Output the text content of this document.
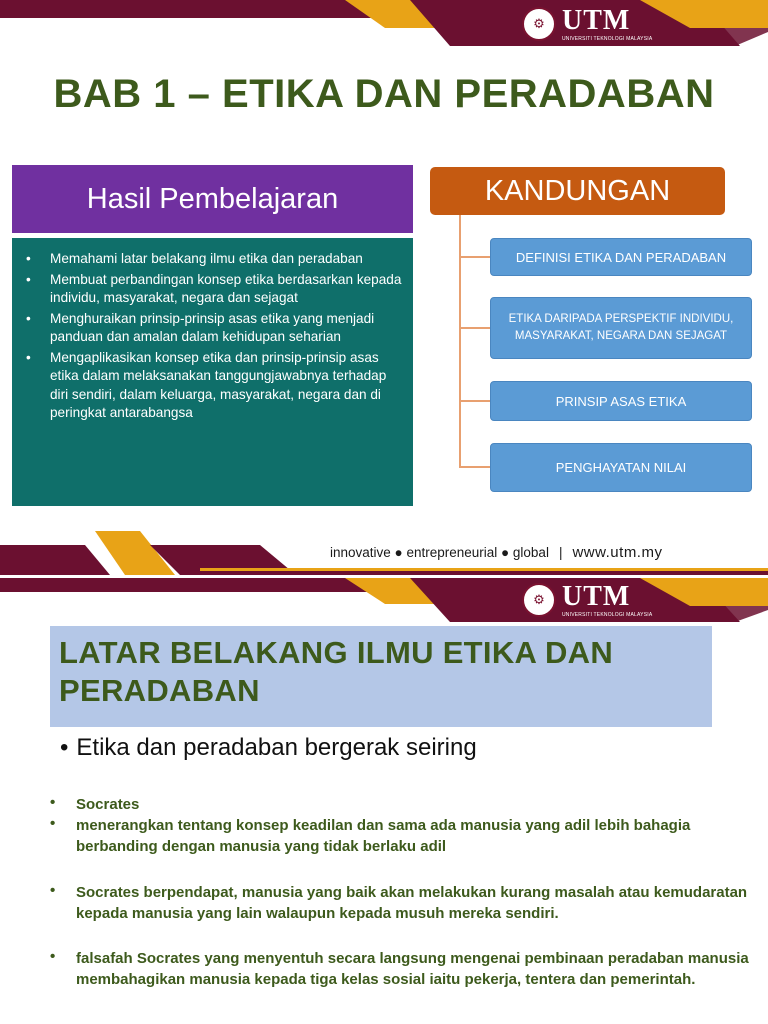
⚙ UTM
UNIVERSITI TEKNOLOGI MALAYSIA
BAB 1 – ETIKA DAN PERADABAN
Hasil Pembelajaran
• Memahami latar belakang ilmu etika dan peradaban
• Membuat perbandingan konsep etika berdasarkan kepada individu, masyarakat, negara dan sejagat
• Menghuraikan prinsip-prinsip asas etika yang menjadi panduan dan amalan dalam kehidupan seharian
• Mengaplikasikan konsep etika dan prinsip-prinsip asas etika dalam melaksanakan tanggungjawabnya terhadap diri sendiri, dalam keluarga, masyarakat, negara dan di peringkat antarabangsa
KANDUNGAN
DEFINISI ETIKA DAN PERADABAN
ETIKA DARIPADA PERSPEKTIF INDIVIDU, MASYARAKAT, NEGARA DAN SEJAGAT
PRINSIP ASAS ETIKA
PENGHAYATAN NILAI
innovative ● entrepreneurial ● global | www.utm.my
⚙ UTM
UNIVERSITI TEKNOLOGI MALAYSIA
LATAR BELAKANG ILMU ETIKA DAN PERADABAN
• Etika dan peradaban bergerak seiring
• Socrates
• menerangkan tentang konsep keadilan dan sama ada manusia yang adil lebih bahagia berbanding dengan manusia yang tidak berlaku adil
• Socrates berpendapat, manusia yang baik akan melakukan kurang masalah atau kemudaratan kepada manusia yang lain walaupun kepada musuh mereka sendiri.
• falsafah Socrates yang menyentuh secara langsung mengenai pembinaan peradaban manusia membahagikan manusia kepada tiga kelas sosial iaitu pekerja, tentera dan pemerintah.
